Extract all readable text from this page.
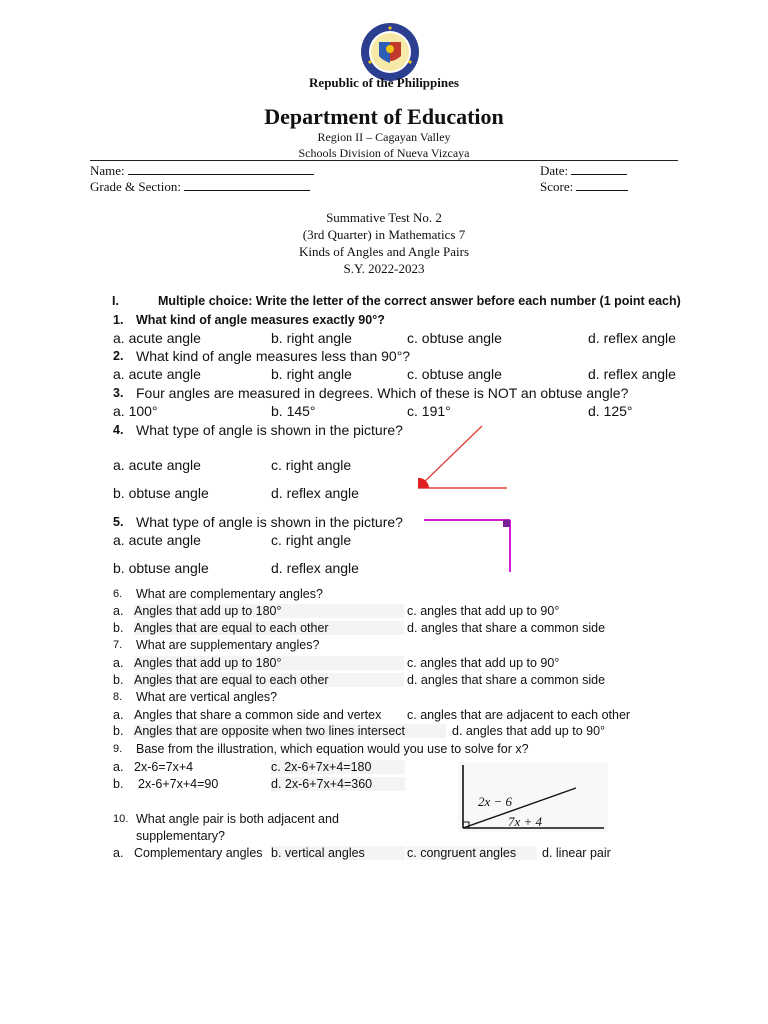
Republic of the Philippines
Department of Education
Region II – Cagayan Valley
Schools Division of Nueva Vizcaya
Name:
Grade & Section:
Date:
Score:
Summative Test No. 2
(3rd Quarter) in Mathematics 7
Kinds of Angles and Angle Pairs
S.Y. 2022-2023
I.	Multiple choice: Write the letter of the correct answer before each number (1 point each)
1. What kind of angle measures exactly 90°?
a. acute angle	b. right angle	c. obtuse angle	d. reflex angle
2. What kind of angle measures less than 90°?
a. acute angle	b. right angle	c. obtuse angle	d. reflex angle
3. Four angles are measured in degrees. Which of these is NOT an obtuse angle?
a. 100°	b. 145°	c. 191°	d. 125°
4. What type of angle is shown in the picture?
a. acute angle	c. right angle
b. obtuse angle	d. reflex angle
5. What type of angle is shown in the picture?
a. acute angle	c. right angle
b. obtuse angle	d. reflex angle
6. What are complementary angles?
a. Angles that add up to 180°	c. angles that add up to 90°
b. Angles that are equal to each other	d. angles that share a common side
7. What are supplementary angles?
a. Angles that add up to 180°	c. angles that add up to 90°
b. Angles that are equal to each other	d. angles that share a common side
8. What are vertical angles?
a. Angles that share a common side and vertex c. angles that are adjacent to each other
b. Angles that are opposite when two lines intersect	d. angles that add up to 90°
9. Base from the illustration, which equation would you use to solve for x?
a. 2x-6=7x+4	c. 2x-6+7x+4=180
b. 2x-6+7x+4=90	d. 2x-6+7x+4=360
2x − 6
7x + 4
10. What angle pair is both adjacent and
supplementary?
a. Complementary angles b. vertical angles	c. congruent angles	d. linear pair
